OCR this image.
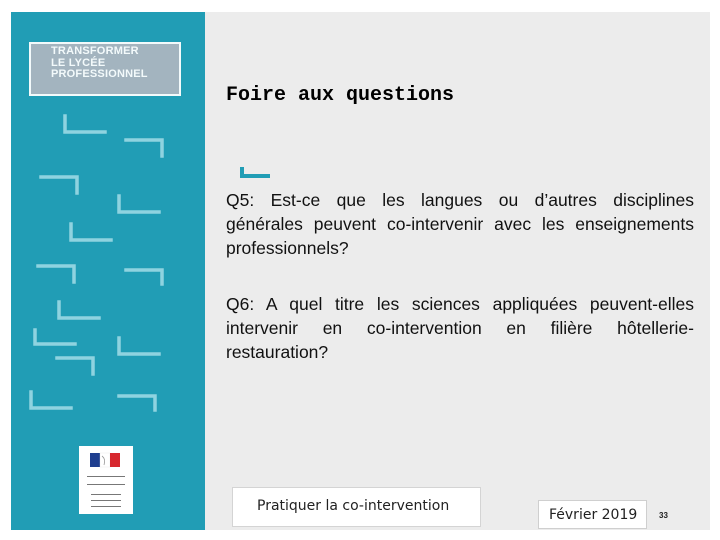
TRANSFORMER
LE LYCÉE
PROFESSIONNEL
Foire aux questions
Q5: Est-ce que les langues ou d’autres disciplines générales peuvent co-intervenir avec les enseignements professionnels?
Q6: A quel titre les sciences appliquées peuvent-elles intervenir en co-intervention en filière hôtellerie-restauration?
Pratiquer la co-intervention
Février 2019	33
